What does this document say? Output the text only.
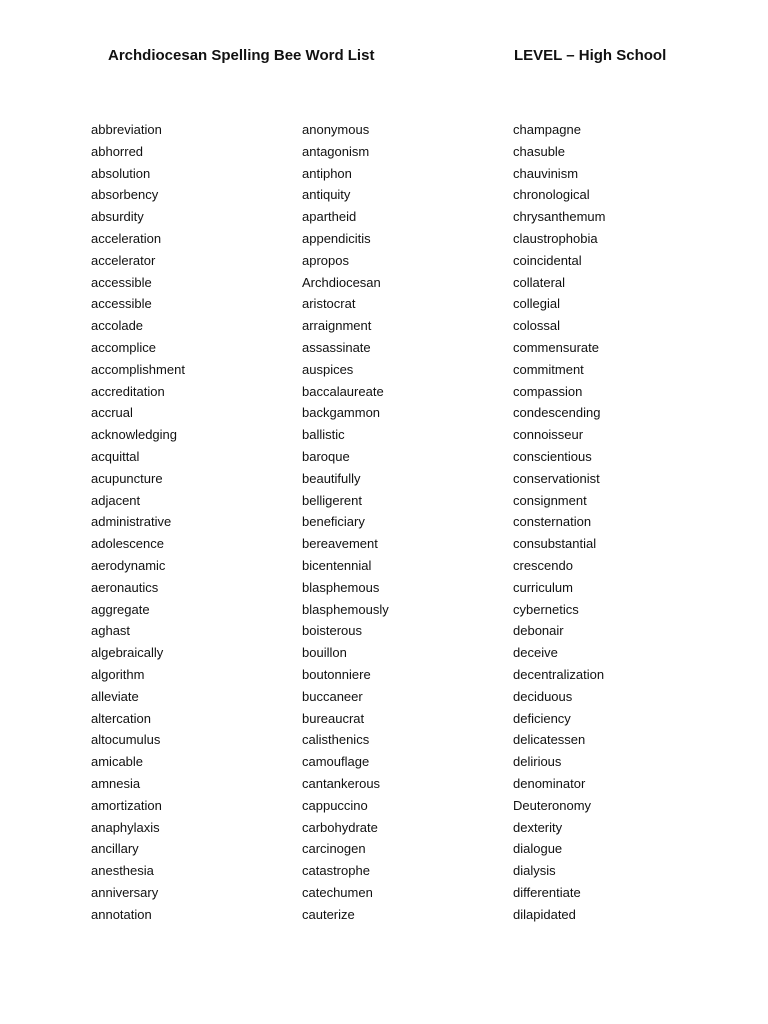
Archdiocesan Spelling Bee Word List	LEVEL – High School
abbreviation
abhorred
absolution
absorbency
absurdity
acceleration
accelerator
accessible
accessible
accolade
accomplice
accomplishment
accreditation
accrual
acknowledging
acquittal
acupuncture
adjacent
administrative
adolescence
aerodynamic
aeronautics
aggregate
aghast
algebraically
algorithm
alleviate
altercation
altocumulus
amicable
amnesia
amortization
anaphylaxis
ancillary
anesthesia
anniversary
annotation
anonymous
antagonism
antiphon
antiquity
apartheid
appendicitis
apropos
Archdiocesan
aristocrat
arraignment
assassinate
auspices
baccalaureate
backgammon
ballistic
baroque
beautifully
belligerent
beneficiary
bereavement
bicentennial
blasphemous
blasphemously
boisterous
bouillon
boutonniere
buccaneer
bureaucrat
calisthenics
camouflage
cantankerous
cappuccino
carbohydrate
carcinogen
catastrophe
catechumen
cauterize
champagne
chasuble
chauvinism
chronological
chrysanthemum
claustrophobia
coincidental
collateral
collegial
colossal
commensurate
commitment
compassion
condescending
connoisseur
conscientious
conservationist
consignment
consternation
consubstantial
crescendo
curriculum
cybernetics
debonair
deceive
decentralization
deciduous
deficiency
delicatessen
delirious
denominator
Deuteronomy
dexterity
dialogue
dialysis
differentiate
dilapidated
